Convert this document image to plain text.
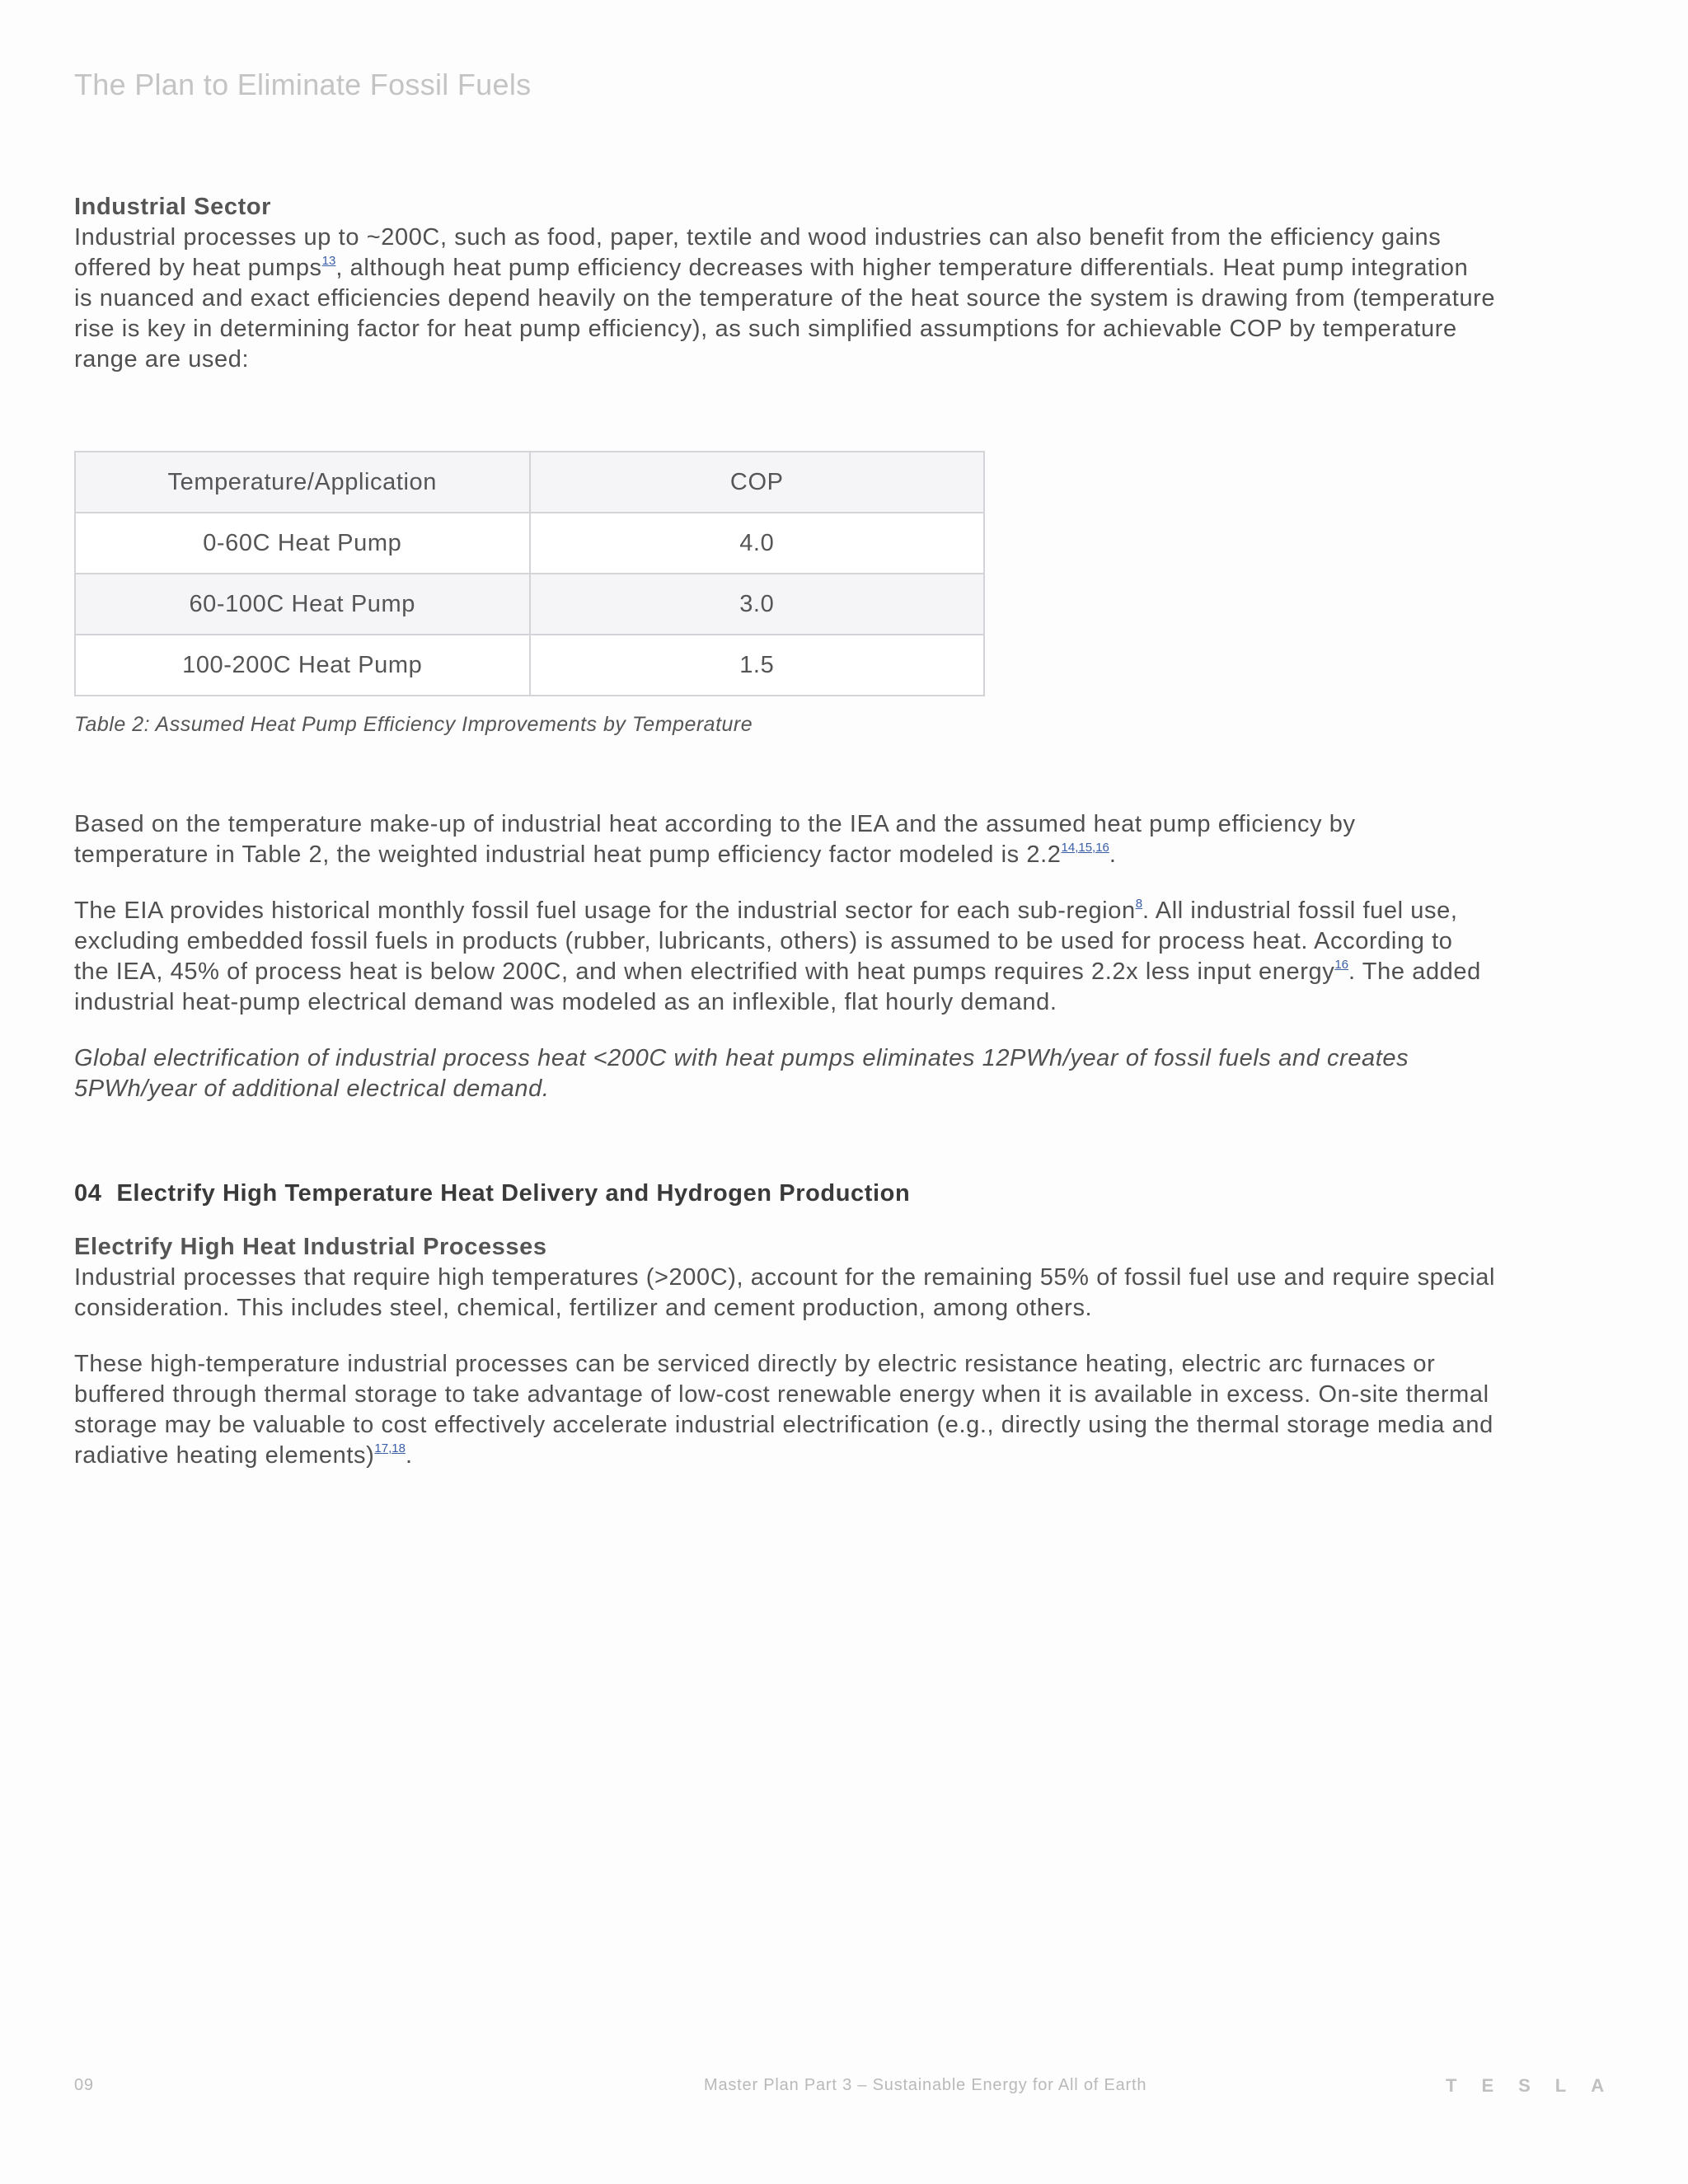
The Plan to Eliminate Fossil Fuels

Industrial Sector
Industrial processes up to ~200C, such as food, paper, textile and wood industries can also benefit from the efficiency gains
offered by heat pumps$^{13}$, although heat pump efficiency decreases with higher temperature differentials. Heat pump integration
is nuanced and exact efficiencies depend heavily on the temperature of the heat source the system is drawing from (temperature
rise is key in determining factor for heat pump efficiency), as such simplified assumptions for achievable COP by temperature
range are used:

Temperature/Application	COP
0-60C Heat Pump	4.0
60-100C Heat Pump	3.0
100-200C Heat Pump	1.5
Table 2: Assumed Heat Pump Efficiency Improvements by Temperature

Based on the temperature make-up of industrial heat according to the IEA and the assumed heat pump efficiency by
temperature in Table 2, the weighted industrial heat pump efficiency factor modeled is 2.2$^{14,15,16}$.

The EIA provides historical monthly fossil fuel usage for the industrial sector for each sub-region$^8$. All industrial fossil fuel use,
excluding embedded fossil fuels in products (rubber, lubricants, others) is assumed to be used for process heat. According to
the IEA, 45% of process heat is below 200C, and when electrified with heat pumps requires 2.2x less input energy$^{16}$. The added
industrial heat-pump electrical demand was modeled as an inflexible, flat hourly demand.

Global electrification of industrial process heat <200C with heat pumps eliminates 12PWh/year of fossil fuels and creates
5PWh/year of additional electrical demand.

04 Electrify High Temperature Heat Delivery and Hydrogen Production

Electrify High Heat Industrial Processes
Industrial processes that require high temperatures (>200C), account for the remaining 55% of fossil fuel use and require special
consideration. This includes steel, chemical, fertilizer and cement production, among others.

These high-temperature industrial processes can be serviced directly by electric resistance heating, electric arc furnaces or
buffered through thermal storage to take advantage of low-cost renewable energy when it is available in excess. On-site thermal
storage may be valuable to cost effectively accelerate industrial electrification (e.g., directly using the thermal storage media and
radiative heating elements)$^{17,18}$.

09	Master Plan Part 3 – Sustainable Energy for All of Earth	TESLA
